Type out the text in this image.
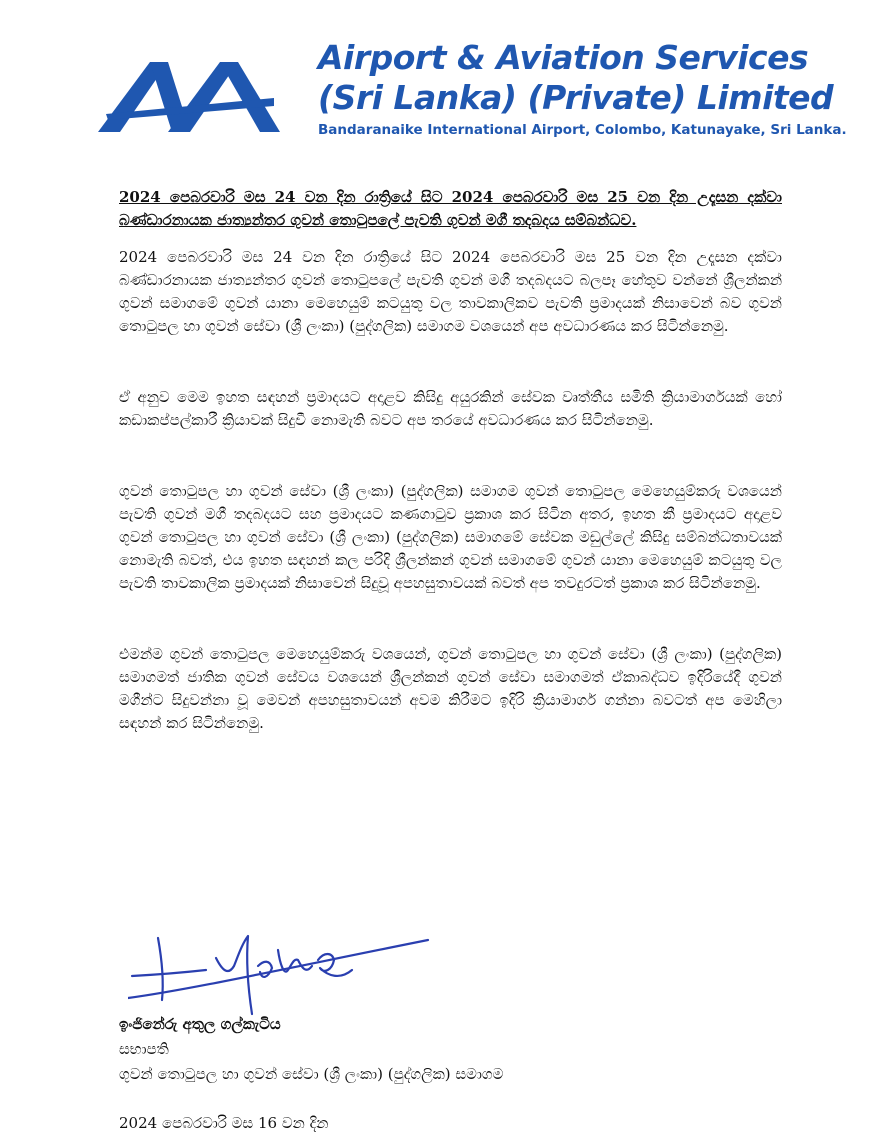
Airport & Aviation Services
(Sri Lanka) (Private) Limited
Bandaranaike International Airport, Colombo, Katunayake, Sri Lanka.

2024 පෙබරවාරි මස 24 වන දින රාත්‍රියේ සිට 2024 පෙබරවාරි මස 25 වන දින උදෑසන දක්වා බණ්ඩාරනායක ජාත්‍යන්තර ගුවන් තොටුපලේ පැවති ගුවන් මගී තදබදය සම්බන්ධව.

2024 පෙබරවාරි මස 24 වන දින රාත්‍රියේ සිට 2024 පෙබරවාරි මස 25 වන දින උදෑසන දක්වා බණ්ඩාරනායක ජාත්‍යන්තර ගුවන් තොටුපලේ පැවති ගුවන් මගී තදබදයට බලපෑ හේතුව වන්නේ ශ්‍රීලන්කන් ගුවන් සමාගමේ ගුවන් යානා මෙහෙයුම් කටයුතු වල තාවකාලිකව පැවති ප්‍රමාදයක් නිසාවෙන් බව ගුවන් තොටුපල හා ගුවන් සේවා (ශ්‍රී ලංකා) (පුද්ගලික) සමාගම වශයෙන් අප අවධාරණය කර සිටින්නෙමු.

ඒ අනුව මෙම ඉහත සඳහන් ප්‍රමාදයට අදාළව කිසිදු අයුරකින් සේවක වෘත්තීය සමිති ක්‍රියාමාර්ගයක් හෝ කඩාකප්පල්කාරී ක්‍රියාවක් සිදුවී නොමැති බවට අප තරයේ අවධාරණය කර සිටින්නෙමු.

ගුවන් තොටුපල හා ගුවන් සේවා (ශ්‍රී ලංකා) (පුද්ගලික) සමාගම ගුවන් තොටුපල මෙහෙයුම්කරු වශයෙන් පැවති ගුවන් මගී තදබදයට සහ ප්‍රමාදයට කණගාටුව ප්‍රකාශ කර සිටින අතර, ඉහත කී ප්‍රමාදයට අදාළව ගුවන් තොටුපල හා ගුවන් සේවා (ශ්‍රී ලංකා) (පුද්ගලික) සමාගමේ සේවක මඩුල්ලේ කිසිදු සම්බන්ධතාවයක් නොමැති බවත්, එය ඉහත සඳහන් කල පරිදි ශ්‍රීලන්කන් ගුවන් සමාගමේ ගුවන් යානා මෙහෙයුම් කටයුතු වල පැවති තාවකාලික ප්‍රමාදයක් නිසාවෙන් සිදුවූ අපහසුතාවයක් බවත් අප තවදුරටත් ප්‍රකාශ කර සිටින්නෙමු.

එමන්ම ගුවන් තොටුපල මෙහෙයුම්කරු වශයෙන්, ගුවන් තොටුපල හා ගුවන් සේවා (ශ්‍රී ලංකා) (පුද්ගලික) සමාගමත් ජාතික ගුවන් සේවය වශයෙන් ශ්‍රීලන්කන් ගුවන් සේවා සමාගමත් ඒකාබද්ධව ඉදිරියේදී ගුවන් මගීන්ට සිදුවන්නා වූ මෙවන් අපහසුතාවයන් අවම කිරීමට ඉදිරි ක්‍රියාමාර්ග ගන්නා බවටත් අප මෙහිලා සඳහන් කර සිටින්නෙමු.

ඉංජිනේරු අතුල ගල්කැටිය

සභාපති

ගුවන් තොටුපල හා ගුවන් සේවා (ශ්‍රී ලංකා) (පුද්ගලික) සමාගම

2024 පෙබරවාරි මස 16 වන දින
